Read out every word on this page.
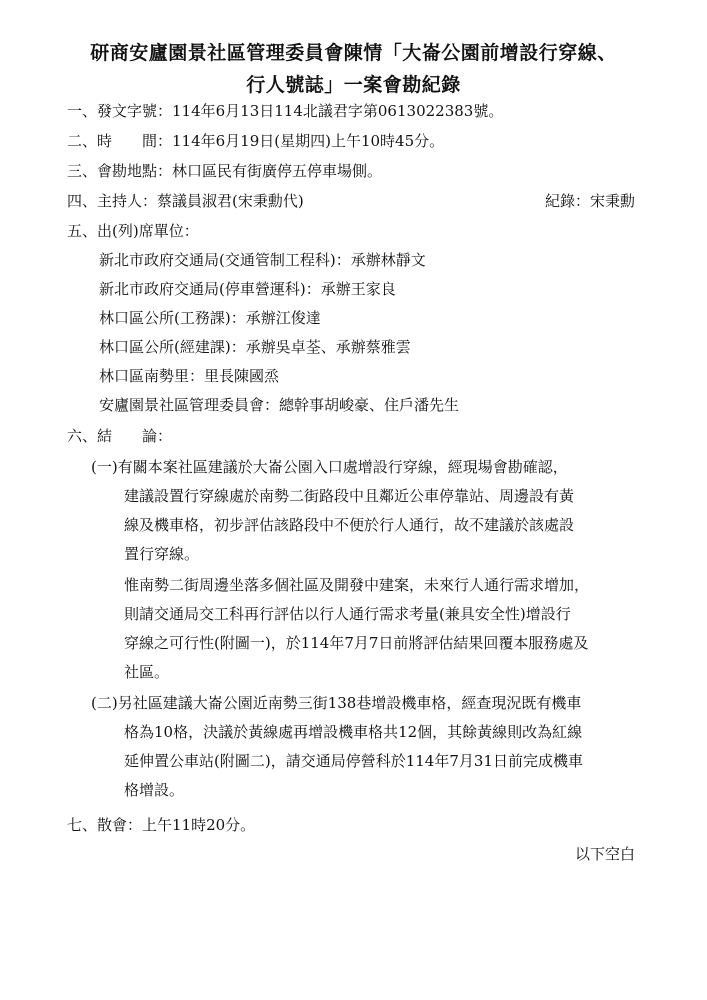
研商安廬園景社區管理委員會陳情「大崙公園前增設行穿線、
行人號誌」一案會勘紀錄
一、發文字號：114年6月13日114北議君字第0613022383號。
二、時　　間：114年6月19日(星期四)上午10時45分。
三、會勘地點：林口區民有街廣停五停車場側。
四、主持人：蔡議員淑君(宋秉勳代)	紀錄：宋秉勳
五、出(列)席單位：
新北市政府交通局(交通管制工程科)：承辦林靜文
新北市政府交通局(停車營運科)：承辦王家良
林口區公所(工務課)：承辦江俊達
林口區公所(經建課)：承辦吳卓荃、承辦蔡雅雲
林口區南勢里：里長陳國烝
安廬園景社區管理委員會：總幹事胡峻豪、住戶潘先生
六、結　　論：
(一)有關本案社區建議於大崙公園入口處增設行穿線，經現場會勘確認，
建議設置行穿線處於南勢二街路段中且鄰近公車停靠站、周邊設有黃
線及機車格，初步評估該路段中不便於行人通行，故不建議於該處設
置行穿線。
惟南勢二街周邊坐落多個社區及開發中建案，未來行人通行需求增加，
則請交通局交工科再行評估以行人通行需求考量(兼具安全性)增設行
穿線之可行性(附圖一)，於114年7月7日前將評估結果回覆本服務處及
社區。
(二)另社區建議大崙公園近南勢三街138巷增設機車格，經查現況既有機車
格為10格，決議於黃線處再增設機車格共12個，其餘黃線則改為紅線
延伸置公車站(附圖二)，請交通局停營科於114年7月31日前完成機車
格增設。
七、散會：上午11時20分。
以下空白
